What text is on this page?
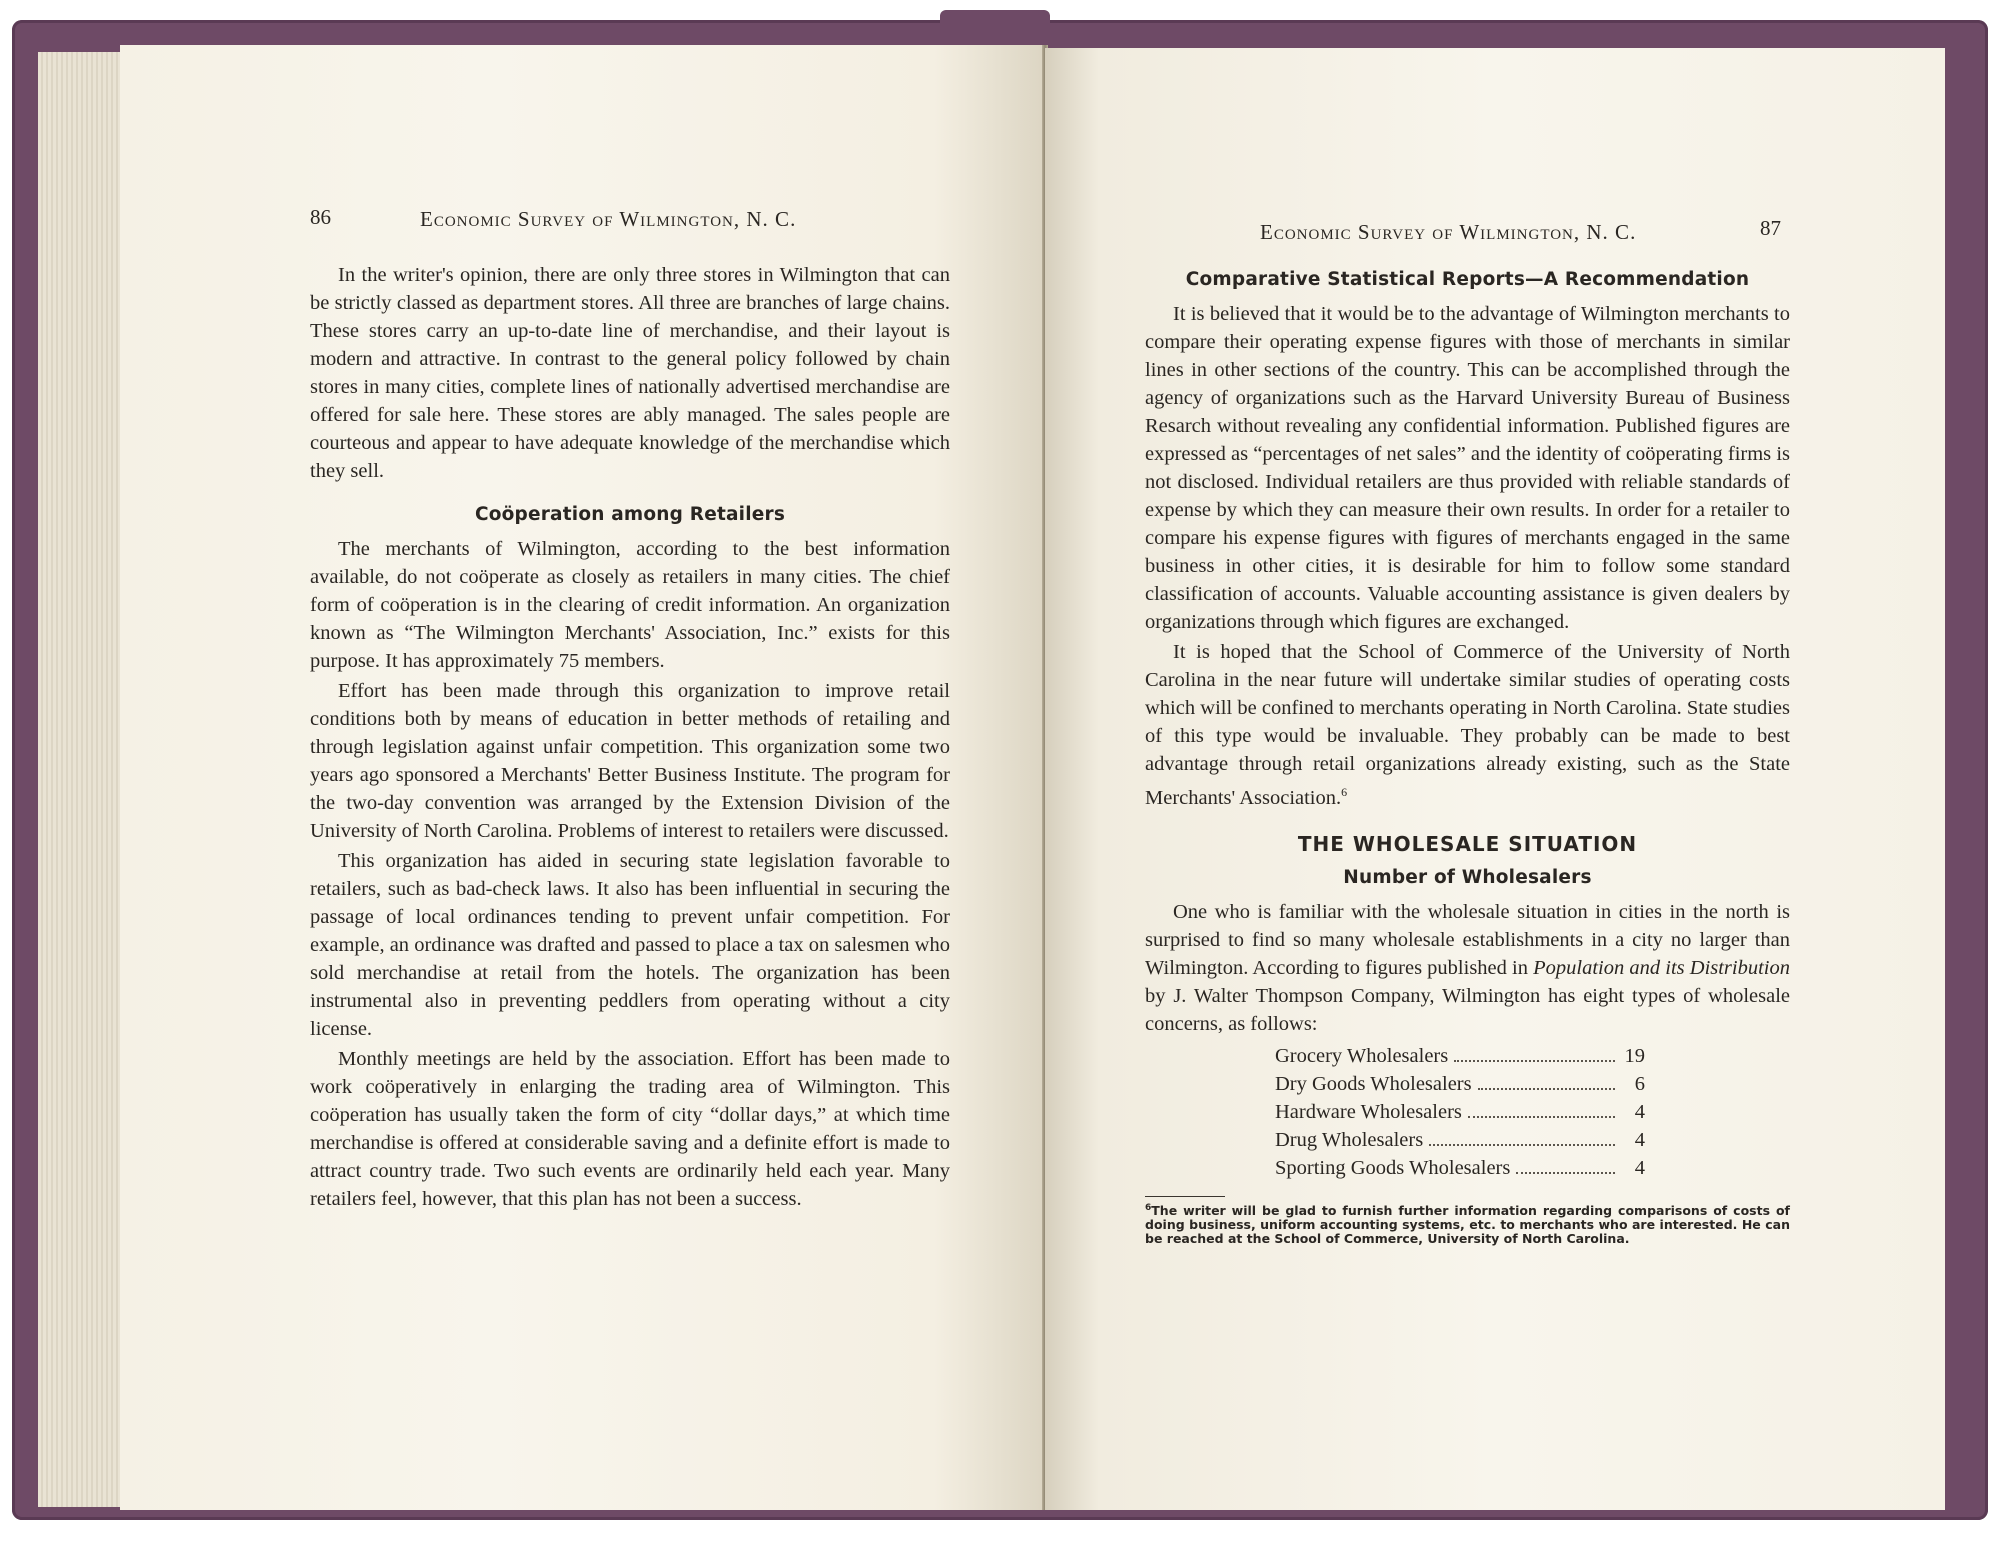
86	Economic Survey of Wilmington, N. C.

In the writer's opinion, there are only three stores in Wilmington that can be strictly classed as department stores. All three are branches of large chains. These stores carry an up-to-date line of merchandise, and their layout is modern and attractive. In contrast to the general policy followed by chain stores in many cities, complete lines of nationally advertised merchandise are offered for sale here. These stores are ably managed. The sales people are courteous and appear to have adequate knowledge of the merchandise which they sell.

Coöperation among Retailers

The merchants of Wilmington, according to the best information available, do not coöperate as closely as retailers in many cities. The chief form of coöperation is in the clearing of credit information. An organization known as “The Wilmington Merchants' Association, Inc.” exists for this purpose. It has approximately 75 members.

Effort has been made through this organization to improve retail conditions both by means of education in better methods of retailing and through legislation against unfair competition. This organization some two years ago sponsored a Merchants' Better Business Institute. The program for the two-day convention was arranged by the Extension Division of the University of North Carolina. Problems of interest to retailers were discussed.

This organization has aided in securing state legislation favorable to retailers, such as bad-check laws. It also has been influential in securing the passage of local ordinances tending to prevent unfair competition. For example, an ordinance was drafted and passed to place a tax on salesmen who sold merchandise at retail from the hotels. The organization has been instrumental also in preventing peddlers from operating without a city license.

Monthly meetings are held by the association. Effort has been made to work coöperatively in enlarging the trading area of Wilmington. This coöperation has usually taken the form of city “dollar days,” at which time merchandise is offered at considerable saving and a definite effort is made to attract country trade. Two such events are ordinarily held each year. Many retailers feel, however, that this plan has not been a success.

Economic Survey of Wilmington, N. C.	87
Comparative Statistical Reports—A Recommendation

It is believed that it would be to the advantage of Wilmington merchants to compare their operating expense figures with those of merchants in similar lines in other sections of the country. This can be accomplished through the agency of organizations such as the Harvard University Bureau of Business Resarch without revealing any confidential information. Published figures are expressed as “percentages of net sales” and the identity of coöperating firms is not disclosed. Individual retailers are thus provided with reliable standards of expense by which they can measure their own results. In order for a retailer to compare his expense figures with figures of merchants engaged in the same business in other cities, it is desirable for him to follow some standard classification of accounts. Valuable accounting assistance is given dealers by organizations through which figures are exchanged.

It is hoped that the School of Commerce of the University of North Carolina in the near future will undertake similar studies of operating costs which will be confined to merchants operating in North Carolina. State studies of this type would be invaluable. They probably can be made to best advantage through retail organizations already existing, such as the State Merchants' Association.$^6$

THE WHOLESALE SITUATION
Number of Wholesalers

One who is familiar with the wholesale situation in cities in the north is surprised to find so many wholesale establishments in a city no larger than Wilmington. According to figures published in Population and its Distribution by J. Walter Thompson Company, Wilmington has eight types of wholesale concerns, as follows:

Grocery Wholesalers	19
Dry Goods Wholesalers	6
Hardware Wholesalers	4
Drug Wholesalers	4
Sporting Goods Wholesalers	4
$^6$The writer will be glad to furnish further information regarding comparisons of costs of doing business, uniform accounting systems, etc. to merchants who are interested. He can be reached at the School of Commerce, University of North Carolina.
